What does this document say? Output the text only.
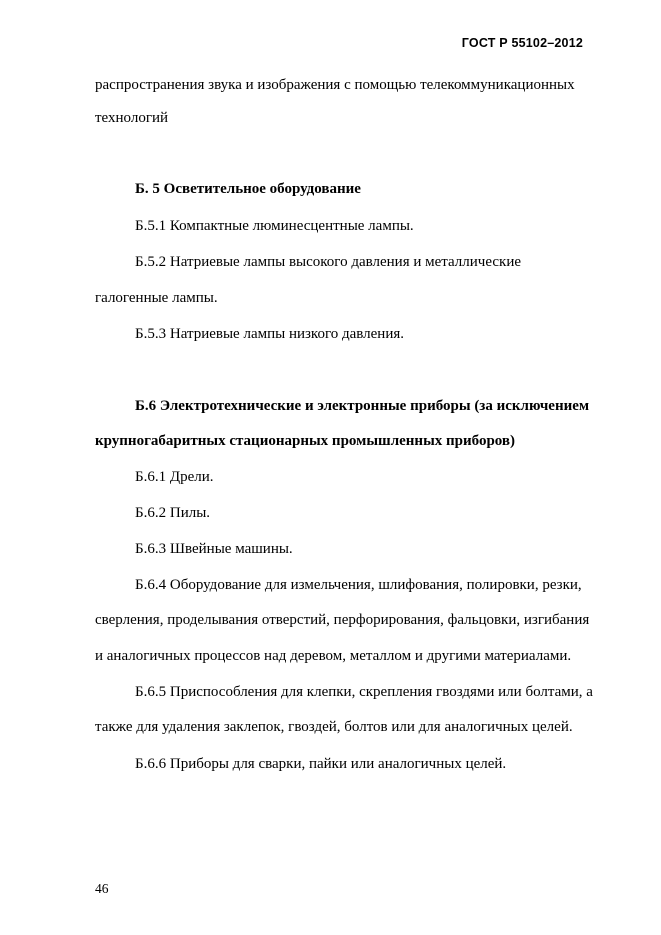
ГОСТ Р 55102–2012
распространения звука и изображения с помощью телекоммуникационных
технологий
Б. 5 Осветительное оборудование
Б.5.1 Компактные люминесцентные лампы.
Б.5.2 Натриевые лампы высокого давления и металлические
галогенные лампы.
Б.5.3 Натриевые лампы низкого давления.
Б.6 Электротехнические и электронные приборы (за исключением
крупногабаритных стационарных промышленных приборов)
Б.6.1 Дрели.
Б.6.2 Пилы.
Б.6.3 Швейные машины.
Б.6.4 Оборудование для измельчения, шлифования, полировки, резки,
сверления, проделывания отверстий, перфорирования, фальцовки, изгибания
и аналогичных процессов над деревом, металлом и другими материалами.
Б.6.5 Приспособления для клепки, скрепления гвоздями или болтами, а
также для удаления заклепок, гвоздей, болтов или для аналогичных целей.
Б.6.6 Приборы для сварки, пайки или аналогичных целей.
46
